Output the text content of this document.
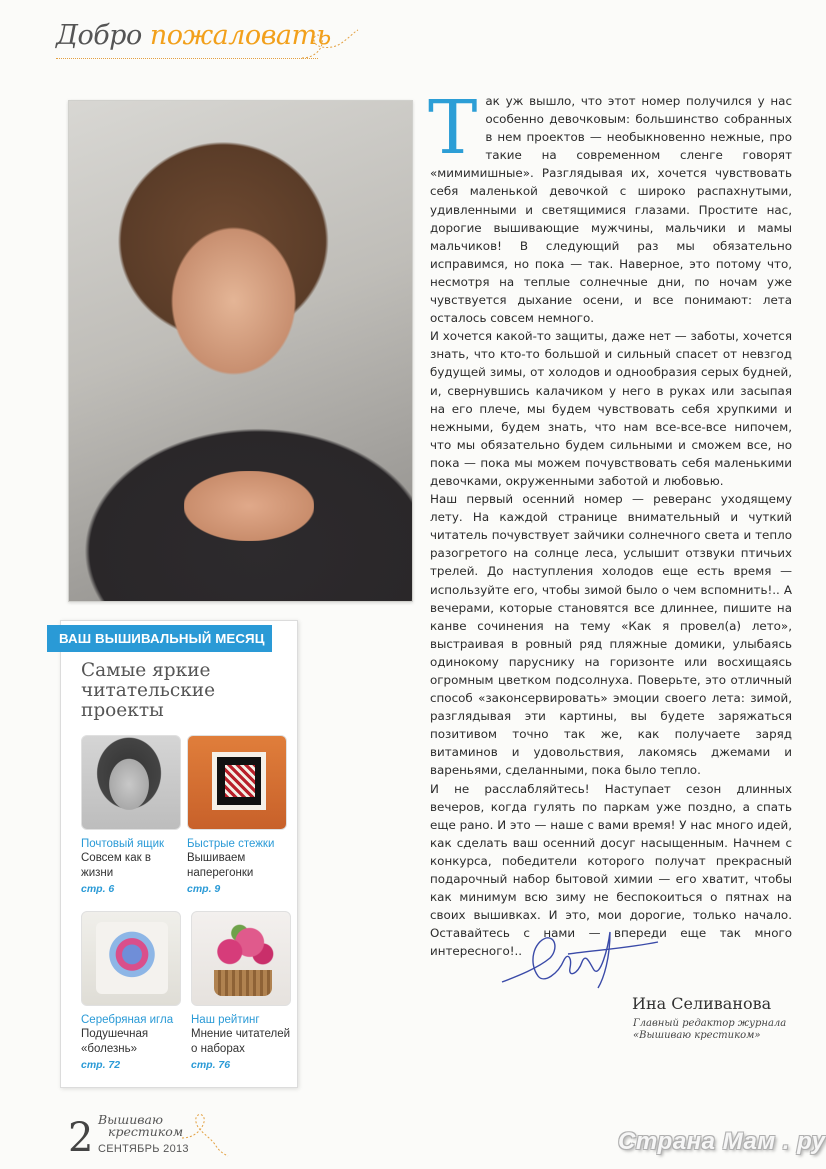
Добро пожаловать
Т ак уж вышло, что этот номер получился у нас особенно девочковым: большинство собранных в нем проектов — необыкновенно нежные, про такие на современном сленге говорят «мимимишные». Разглядывая их, хочется чувствовать себя маленькой девочкой с широко распахнутыми, удивленными и светящимися глазами. Простите нас, дорогие вышивающие мужчины, мальчики и мамы мальчиков! В следующий раз мы обязательно исправимся, но пока — так. Наверное, это потому что, несмотря на теплые солнечные дни, по ночам уже чувствуется дыхание осени, и все понимают: лета осталось совсем немного.

И хочется какой-то защиты, даже нет — заботы, хочется знать, что кто-то большой и сильный спасет от невзгод будущей зимы, от холодов и однообразия серых будней, и, свернувшись калачиком у него в руках или засыпая на его плече, мы будем чувствовать себя хрупкими и нежными, будем знать, что нам все-все-все нипочем, что мы обязательно будем сильными и сможем все, но пока — пока мы можем почувствовать себя маленькими девочками, окруженными заботой и любовью.

Наш первый осенний номер — реверанс уходящему лету. На каждой странице внимательный и чуткий читатель почувствует зайчики солнечного света и тепло разогретого на солнце леса, услышит отзвуки птичьих трелей. До наступления холодов еще есть время — используйте его, чтобы зимой было о чем вспомнить!.. А вечерами, которые становятся все длиннее, пишите на канве сочинения на тему «Как я провел(а) лето», выстраивая в ровный ряд пляжные домики, улыбаясь одинокому паруснику на горизонте или восхищаясь огромным цветком подсолнуха. Поверьте, это отличный способ «законсервировать» эмоции своего лета: зимой, разглядывая эти картины, вы будете заряжаться позитивом точно так же, как получаете заряд витаминов и удовольствия, лакомясь джемами и вареньями, сделанными, пока было тепло.

И не расслабляйтесь! Наступает сезон длинных вечеров, когда гулять по паркам уже поздно, а спать еще рано. И это — наше с вами время! У нас много идей, как сделать ваш осенний досуг насыщенным. Начнем с конкурса, победители которого получат прекрасный подарочный набор бытовой химии — его хватит, чтобы как минимум всю зиму не беспокоиться о пятнах на своих вышивках. И это, мои дорогие, только начало. Оставайтесь с нами — впереди еще так много интересного!..

Ина Селиванова
Главный редактор журнала «Вышиваю крестиком»
ВАШ ВЫШИВАЛЬНЫЙ МЕСЯЦ
Самые яркие читательские проекты
Почтовый ящик
Совсем как в жизни
стр. 6
Быстрые стежки
Вышиваем наперегонки
стр. 9
Серебряная игла
Подушечная «болезнь»
стр. 72
Наш рейтинг
Мнение читателей о наборах
стр. 76
2 Вышиваю
крестиком
СЕНТЯБРЬ 2013	Страна Мам . ру
